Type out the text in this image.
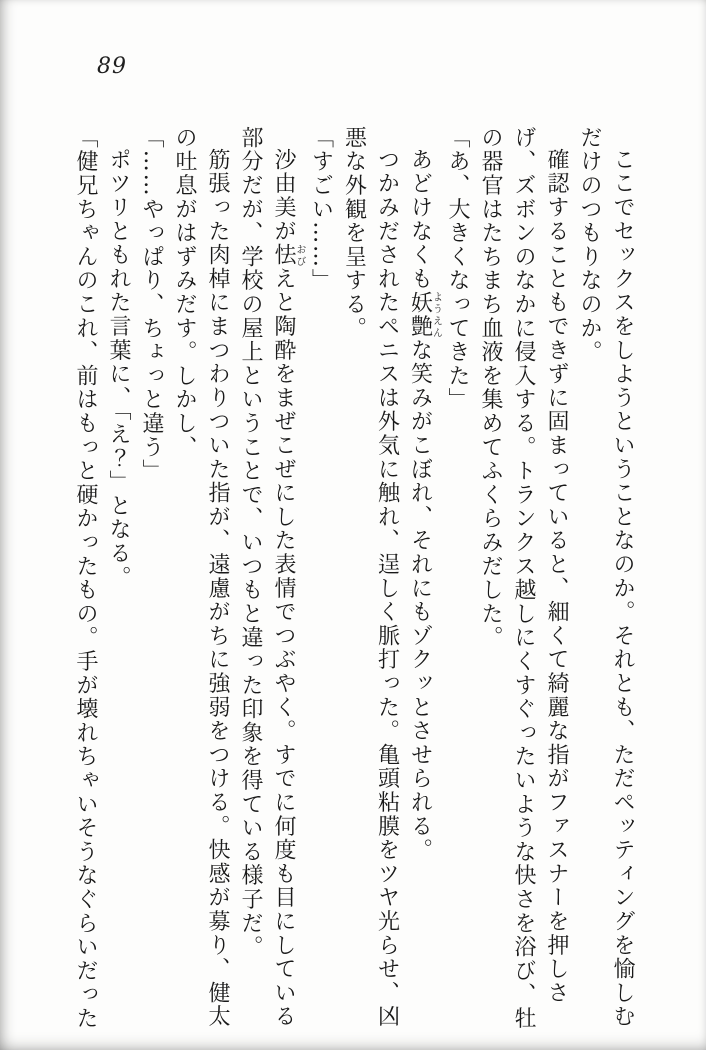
89

ここでセックスをしようということなのか。それとも、ただペッティングを愉しむだけのつもりなのか。

確認することもできずに固まっていると、細くて綺麗な指がファスナーを押しさげ、ズボンのなかに侵入する。トランクス越しにくすぐったいような快さを浴び、牡の器官はたちまち血液を集めてふくらみだした。

「あ、大きくなってきた」

あどけなくも妖艶ようえんな笑みがこぼれ、それにもゾクッとさせられる。

つかみだされたペニスは外気に触れ、逞しく脈打った。亀頭粘膜をツヤ光らせ、凶悪な外観を呈する。

「すごい……」

沙由美が怯おびえと陶酔をまぜこぜにした表情でつぶやく。すでに何度も目にしている部分だが、学校の屋上ということで、いつもと違った印象を得ている様子だ。

筋張った肉棹にまつわりついた指が、遠慮がちに強弱をつける。快感が募り、健太の吐息がはずみだす。しかし、

「……やっぱり、ちょっと違う」

ポツリともれた言葉に、「え？」となる。

「健兄ちゃんのこれ、前はもっと硬かったもの。手が壊れちゃいそうなぐらいだった
